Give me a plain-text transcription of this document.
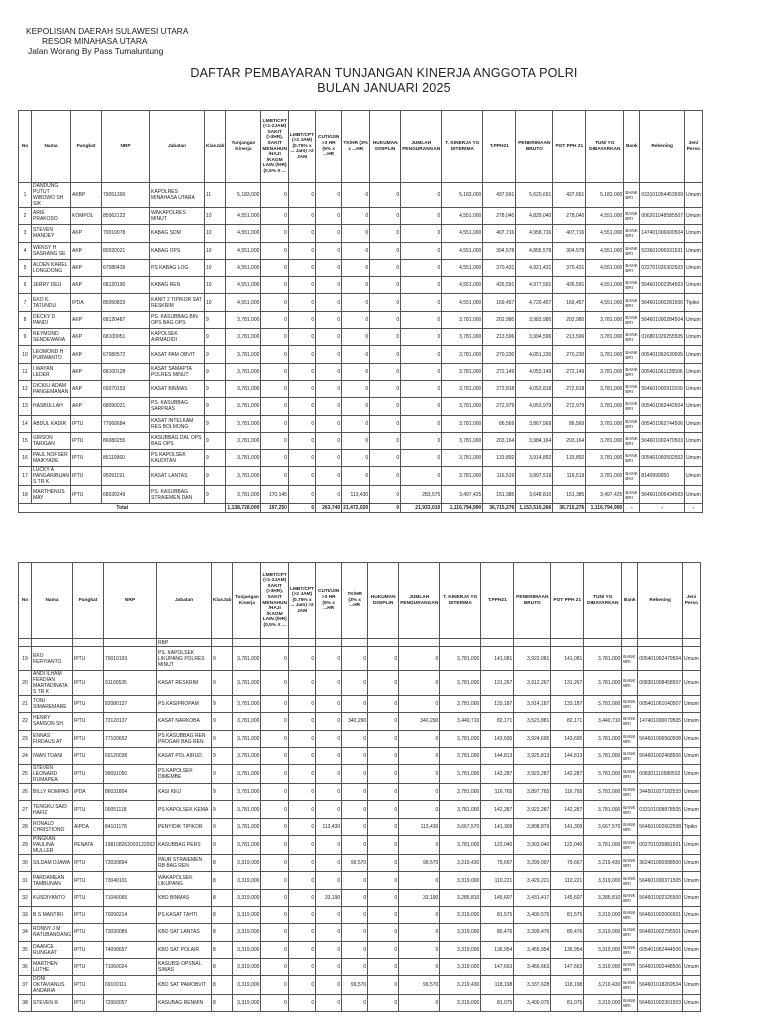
KEPOLISIAN DAERAH SULAWESI UTARA
RESOR MINAHASA UTARA
Jalan Worang By Pass Tumaluntung
DAFTAR PEMBAYARAN TUNJANGAN KINERJA ANGGOTA POLRI
BULAN JANUARI 2025
No	Nama	Pangkat	NRP	Jabatan	KlasJab	Tunjangan Kinerja	LMBT/CPT (<1-2JAM) SAKIT (>3HR), SAKIT MENAHUN /HAJI /KAGM LAIN (/HR) (0,5% X ...	LMBT/CPT (>2 JAM) (0.75% x ... Jam) >2 JAM	CUTI/IJIN >3 HR (5% x ...HR	TK/HR (3% x ...HR	HUKUMAN DISIPLIN	JUMLAH PENGURANGAN	T. KINERJA YG DITERIMA	T.PPH21	PENERIMAAN BRUTO	POT PPH 21	TUN/ YG DIBAYARKAN	Bank	Rekening	Jeni Perso
1	DANDUNG PUTUT WIBOWO SH SIK	AKBP	79051390	KAPOLRES MINAHASA UTARA	11	5,183,000	0	0	0	0	0	0	5,183,000	437,691	5,620,691	437,691	5,183,000	BANK BRI	033101054453509	Umum
2	ARIE PRAKOSO	KOMPOL	85062122	WAKAPOLRES MINUT	10	4,551,000	0	0	0	0	0	0	4,551,000	278,040	4,829,040	278,040	4,551,000	BANK BRI	006201048585507	Umum
3	STEVEN MANDEY	AKP	70010078	KABAG SDM	10	4,551,000	0	0	0	0	0	0	4,551,000	407,716	4,958,716	407,716	4,551,000	BANK BRI	147401006600504	Umum
4	WENSY H SASRANG SE	AKP	80020021	KABAG OPS	10	4,551,000	0	0	0	0	0	0	4,551,000	304,578	4,855,578	304,578	4,551,000	BANK BRI	523601006931531	Umum
5	ALDEN KAREL LONGDONG	AKP	67080439	PS KABAG LOG	10	4,551,000	0	0	0	0	0	0	4,551,000	370,431	4,921,431	370,431	4,551,000	BANK BRI	022701026302503	Umum
6	JERRY DEU	AKP	68120190	KABAG REN	10	4,551,000	0	0	0	0	0	0	4,551,000	426,591	4,977,591	426,591	4,551,000	BANK BRI	564601002354503	Umum
7	EKO K. TATUNDU	IPDA	85050833	KANIT 2 TIPIKOR SAT RESKRIM	10	4,551,000	0	0	0	0	0	0	4,551,000	169,457	4,720,457	169,457	4,551,000	BANK BRI	564601000281506	Tipiko
8	DECKY D PANDI	AKP	68120487	PS. KASUBBAG BIN OPS BAG OPS	9	3,781,000	0	0	0	0	0	0	3,781,000	202,980	3,983,980	202,980	3,781,000	BANK BRI	564601000284504	Umum
9	REYMOND SENDEWANA	AKP	68100051	KAPOLSEK AIRMADIDI	9	3,781,000	0	0	0	0	0	0	3,781,000	213,596	3,994,596	213,596	3,781,000	BANK BRI	016801029255505	Umum
10	LEOMOND H PURWANTO	AKP	67080572	KASAT PAM OBVIT	9	3,781,000	0	0	0	0	0	0	3,781,000	270,230	4,051,230	270,230	3,781,000	BANK BRI	005401062630505	Umum
11	I WAYAN LEDER	AKP	68100128	KASAT SAMAPTA POLRES MINUT	9	3,781,000	0	0	0	0	0	0	3,781,000	272,149	4,053,149	272,149	3,781,000	BANK BRI	005401061135506	Umum
12	DICKILI ADAM PANGEMANAN	AKP	69070153	KASAT BINMAS	9	3,781,000	0	0	0	0	0	0	3,781,000	272,818	4,053,818	272,818	3,781,000	BANK BRI	564601000911509	Umum
13	HASBULLAH	AKP	68090021	PS. KASUBBAG SARPRAS	9	3,781,000	0	0	0	0	0	0	3,781,000	272,979	4,053,979	272,979	3,781,000	BANK BRI	005401062442504	Umum
14	ABDUL KADIR	IPTU	77060684	KASAT INTELKAM RES BOLMONG	9	3,781,000	0	0	0	0	0	0	3,781,000	86,569	3,867,569	86,569	3,781,000	BANK BRI	005401062744506	Umum
15	GIRSON TARIGAN	IPTU	86080255	KASUBBAG DAL OPS BAG OPS	9	3,781,000	0	0	0	0	0	0	3,781,000	203,164	3,984,164	203,164	3,781,000	BANK BRI	564601002470503	Umum
16	PAUL NOFSER MAIKYADE	IPTU	85110960	PS KAPOLSEK KAUDITAN	9	3,781,000	0	0	0	0	0	0	3,781,000	133,892	3,914,892	133,892	3,781,000	BANK BRI	005401060502502	Umum
17	LUCKY A PANGARIBUAN S TR K	IPTU	95091191	KASAT LANTAS	9	3,781,000	0	0	0	0	0	0	3,781,000	116,519	3,897,519	116,519	3,781,000	BANK BNI	8140999950	Umum
18	MARTHENUS MAY	IPTU	68030249	PS. KASUBBAG STRAIEMEN DAN	9	3,781,000	170,145	0	0	113,430	0	283,575	3,497,425	151,385	3,648,810	151,385	3,497,425	BANK BRI	564601006434503	Umum
Total						1,138,728,000	197,250	0	263,740	21,472,020	0	21,933,010	1,116,794,990	36,715,276	1,153,510,266	36,715,276	1,116,794,990	-	-	-
No	Nama	Pangkat	NRP	Jabatan	KlasJab	Tunjangan Kinerja	LMBT/CPT (<1-2JAM) SAKIT (>3HR), SAKIT MENAHUN /HAJI /KAGM LAIN (/HR) (0,5% X ...	LMBT/CPT (>2 JAM) (0.75% x ... Jam) >2 JAM	CUTI/IJIN >3 HR (5% x ...HR	TK/HR (3% x ...HR	HUKUMAN DISIPLIN	JUMLAH PENGURANGAN	T. KINERJA YG DITERIMA	T.PPH21	PENERIMAAN BRUTO	POT PPH 21	TUN/ YG DIBAYARKAN	Bank	Rekening	Jeni Perso
				RBP																
19	EKO FERYIANTO	IPTU	79010193	PS. KAPOLSEK LIKUPANG POLRES MINUT	9	3,781,000	0	0	0	0	0	0	3,781,000	141,081	3,922,081	141,081	3,781,000	BANK BRI	005401062479504	Umum
20	ANDI ILHAM FERDIAN MARTADINATA S TR K	IPTU	91100535	KASAT RESKRIM	9	3,781,000	0	0	0	0	0	0	3,781,000	131,267	3,912,267	131,267	3,781,000	BANK BRI	008301008458507	Umum
21	TONI SIMAREMARE	IPTU	82080137	PS KASIPROPAM	9	3,781,000	0	0	0	0	0	0	3,781,000	133,187	3,914,187	133,187	3,781,000	BANK BRI	005401061040507	Umum
22	HENRY SAMSON SH	IPTU	73120137	KASAT NARKOBA	9	3,781,000	0	0	0	340,290	0	340,290	3,440,710	82,171	3,523,881	82,171	3,440,710	BANK BRI	147401000079505	Umum
23	ENNAS FIRDAUS AT	IPTU	77100652	PS KASUBBAG REN PROGAR BAG REN	9	3,781,000	0	0	0	0	0	0	3,781,000	143,695	3,924,695	143,695	3,781,000	BANK BRI	564601006560508	Umum
24	IWAN TOANI	IPTU	69120038	KASAT POL AIRUD	9	3,781,000	0	0	0	0	0	0	3,781,000	144,813	3,925,813	144,813	3,781,000	BANK BRI	564601002468506	Umum
25	STEVEN LEONARD RUMAPEA	IPTU	99091050	PS KAPOLSEK DIMEMBE	9	3,781,000	0	0	0	0	0	0	3,781,000	142,287	3,923,287	142,287	3,781,000	BANK BRI	008301110580502	Umum
26	BILLY ROMPAS	IPDA	86031804	KASI KEU	9	3,781,000	0	0	0	0	0	0	3,781,000	116,765	3,897,765	116,765	3,781,000	BANK BRI	344501027182533	Umum
27	TENGKU SAID HAFIZ	IPTU	00051118	PS KAPOLSEK KEMA	9	3,781,000	0	0	0	0	0	0	3,781,000	142,287	3,923,287	142,287	3,781,000	BANK BRI	033101008878505	Umum
28	RONALD CHRISTIONO	AIPDA	84101178	PENYIDIK TIPIKOR	9	3,781,000	0	0	113,430	0	0	113,430	3,667,570	141,309	3,808,879	141,309	3,667,570	BANK BRI	564601002602508	Tipiko
29	PINGKAN PAULINA MULLER	PENATA	198108262003122002	KASUBBAG PERS	9	3,781,000	0	0	0	0	0	0	3,781,000	122,040	3,903,040	122,040	3,781,000	BANK BRI	002701035881501	Umum
30	SILDAM DJAWA	IPTU	73030894	PAUR STRAIEMEN RB BAG REN	8	3,319,000	0	0	0	99,570	0	99,570	3,219,430	79,667	3,299,097	79,667	3,219,430	BANK BRI	362401000998500	Umum
31	PARDAMEAN TAMBUNAN	IPTU	73040101	WAKAPOLSEK LIKUPANG	8	3,319,000	0	0	0	0	0	0	3,319,000	110,221	3,429,221	110,221	3,319,000	BANK BRI	564601000371505	Umum
32	KUSDIYANTO	IPTU	71040065	KBO BINMAS	8	3,319,000	0	0	33,190	0	0	33,190	3,285,810	145,607	3,431,417	145,607	3,285,810	BANK BRI	564601002326500	Umum
33	B S MANTIRI	IPTU	70090214	PS KASAT TAHTI	8	3,319,000	0	0	0	0	0	0	3,319,000	81,575	3,400,575	81,575	3,319,000	BANK BRI	564601002066501	Umum
34	RONNY J M RATUBANDANG	IPTU	73030089	KBO SAT LANTAS	8	3,319,000	0	0	0	0	0	0	3,319,000	80,476	3,399,476	80,476	3,319,000	BANK BRI	564601002795501	Umum
35	DAANCE RUNGKAT	IPTU	74090657	KBO SAT POLAIR	8	3,319,000	0	0	0	0	0	0	3,319,000	136,954	3,455,954	136,954	3,319,000	BANK BRI	005401062444506	Umum
36	MARTHEN LUTHE	IPTU	71060024	KASUBSI OPSNAL SIWAS	8	3,319,000	0	0	0	0	0	0	3,319,000	147,663	3,466,663	147,663	3,319,000	BANK BRI	564601002448506	Umum
37	DONI OKTAVIANUS ANDARIA	IPTU	69100111	KBO SAT PAMOBVIT	8	3,319,000	0	0	0	99,570	0	99,570	3,219,430	118,198	3,337,628	118,198	3,219,430	BANK BRI	564601018269534	Umum
38	STEVEN R	IPTU	72060057	KASUBAG RENMIN	8	3,319,000	0	0	0	0	0	0	3,319,000	81,075	3,400,075	81,075	3,319,000	BANK BRI	564601002301503	Umum
